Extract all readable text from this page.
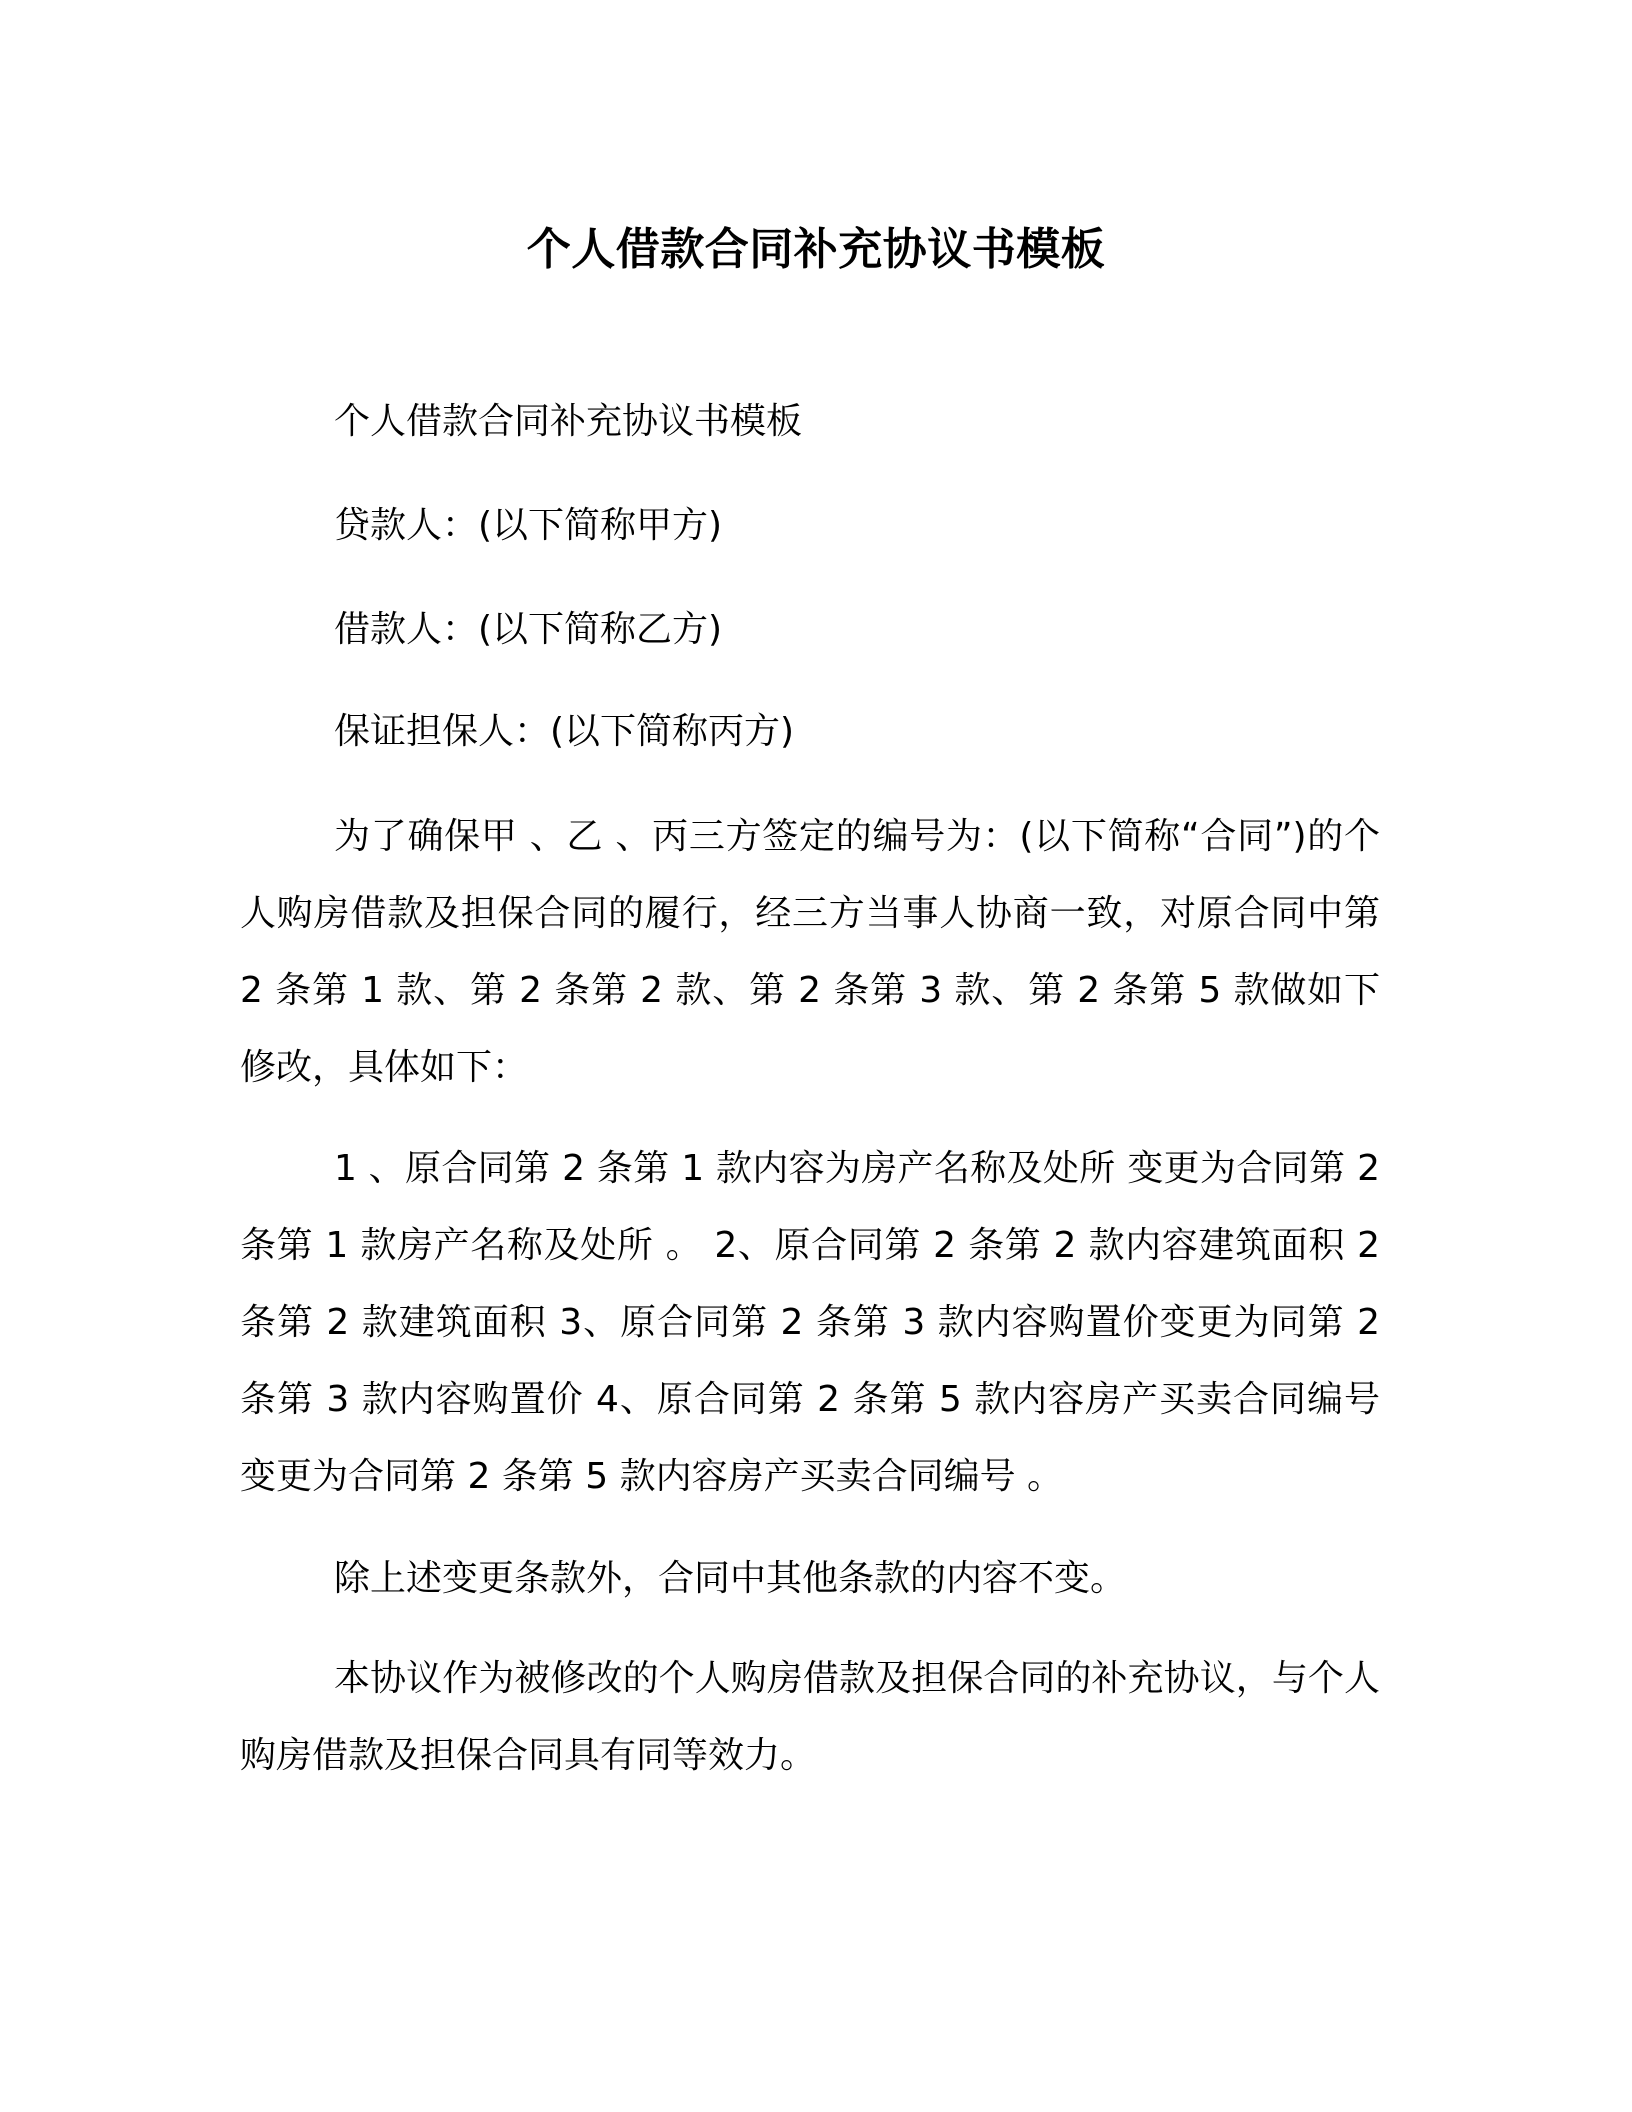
个人借款合同补充协议书模板
个人借款合同补充协议书模板
贷款人：(以下简称甲方)
借款人：(以下简称乙方)
保证担保人：(以下简称丙方)

为了确保甲 、乙 、丙三方签定的编号为：(以下简称“合同”)的个人购房借款及担保合同的履行，经三方当事人协商一致，对原合同中第 2 条第 1 款、第 2 条第 2 款、第 2 条第 3 款、第 2 条第 5 款做如下修改，具体如下：

1 、原合同第 2 条第 1 款内容为房产名称及处所 变更为合同第 2 条第 1 款房产名称及处所 。 2、原合同第 2 条第 2 款内容建筑面积 2 条第 2 款建筑面积 3、原合同第 2 条第 3 款内容购置价变更为同第 2 条第 3 款内容购置价 4、原合同第 2 条第 5 款内容房产买卖合同编号变更为合同第 2 条第 5 款内容房产买卖合同编号 。

除上述变更条款外，合同中其他条款的内容不变。

本协议作为被修改的个人购房借款及担保合同的补充协议，与个人购房借款及担保合同具有同等效力。
